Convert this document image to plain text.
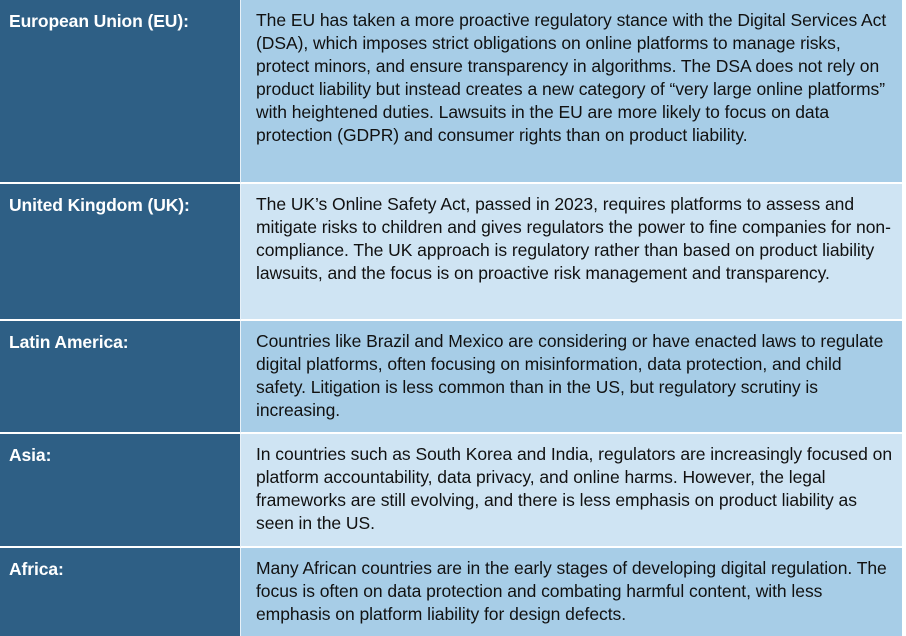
European Union (EU):	The EU has taken a more proactive regulatory stance with the Digital Services Act (DSA), which imposes strict obligations on online platforms to manage risks, protect minors, and ensure transparency in algorithms. The DSA does not rely on product liability but instead creates a new category of “very large online platforms” with heightened duties. Lawsuits in the EU are more likely to focus on data protection (GDPR) and consumer rights than on product liability.
United Kingdom (UK):	The UK’s Online Safety Act, passed in 2023, requires platforms to assess and mitigate risks to children and gives regulators the power to fine companies for non-compliance. The UK approach is regulatory rather than based on product liability lawsuits, and the focus is on proactive risk management and transparency.
Latin America:	Countries like Brazil and Mexico are considering or have enacted laws to regulate digital platforms, often focusing on misinformation, data protection, and child safety. Litigation is less common than in the US, but regulatory scrutiny is increasing.
Asia:	In countries such as South Korea and India, regulators are increasingly focused on platform accountability, data privacy, and online harms. However, the legal frameworks are still evolving, and there is less emphasis on product liability as seen in the US.
Africa:	Many African countries are in the early stages of developing digital regulation. The focus is often on data protection and combating harmful content, with less emphasis on platform liability for design defects.
